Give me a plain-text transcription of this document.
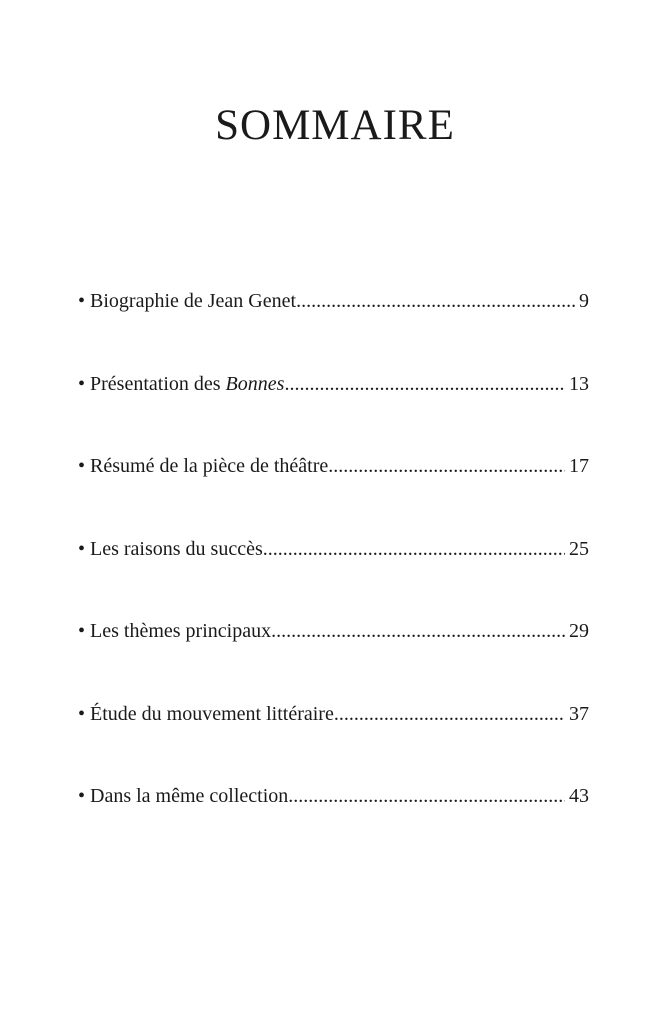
SOMMAIRE
• Biographie de Jean Genet .....	9
• Présentation des Bonnes .....	13
• Résumé de la pièce de théâtre .....	17
• Les raisons du succès .....	25
• Les thèmes principaux .....	29
• Étude du mouvement littéraire .....	37
• Dans la même collection .....	43
